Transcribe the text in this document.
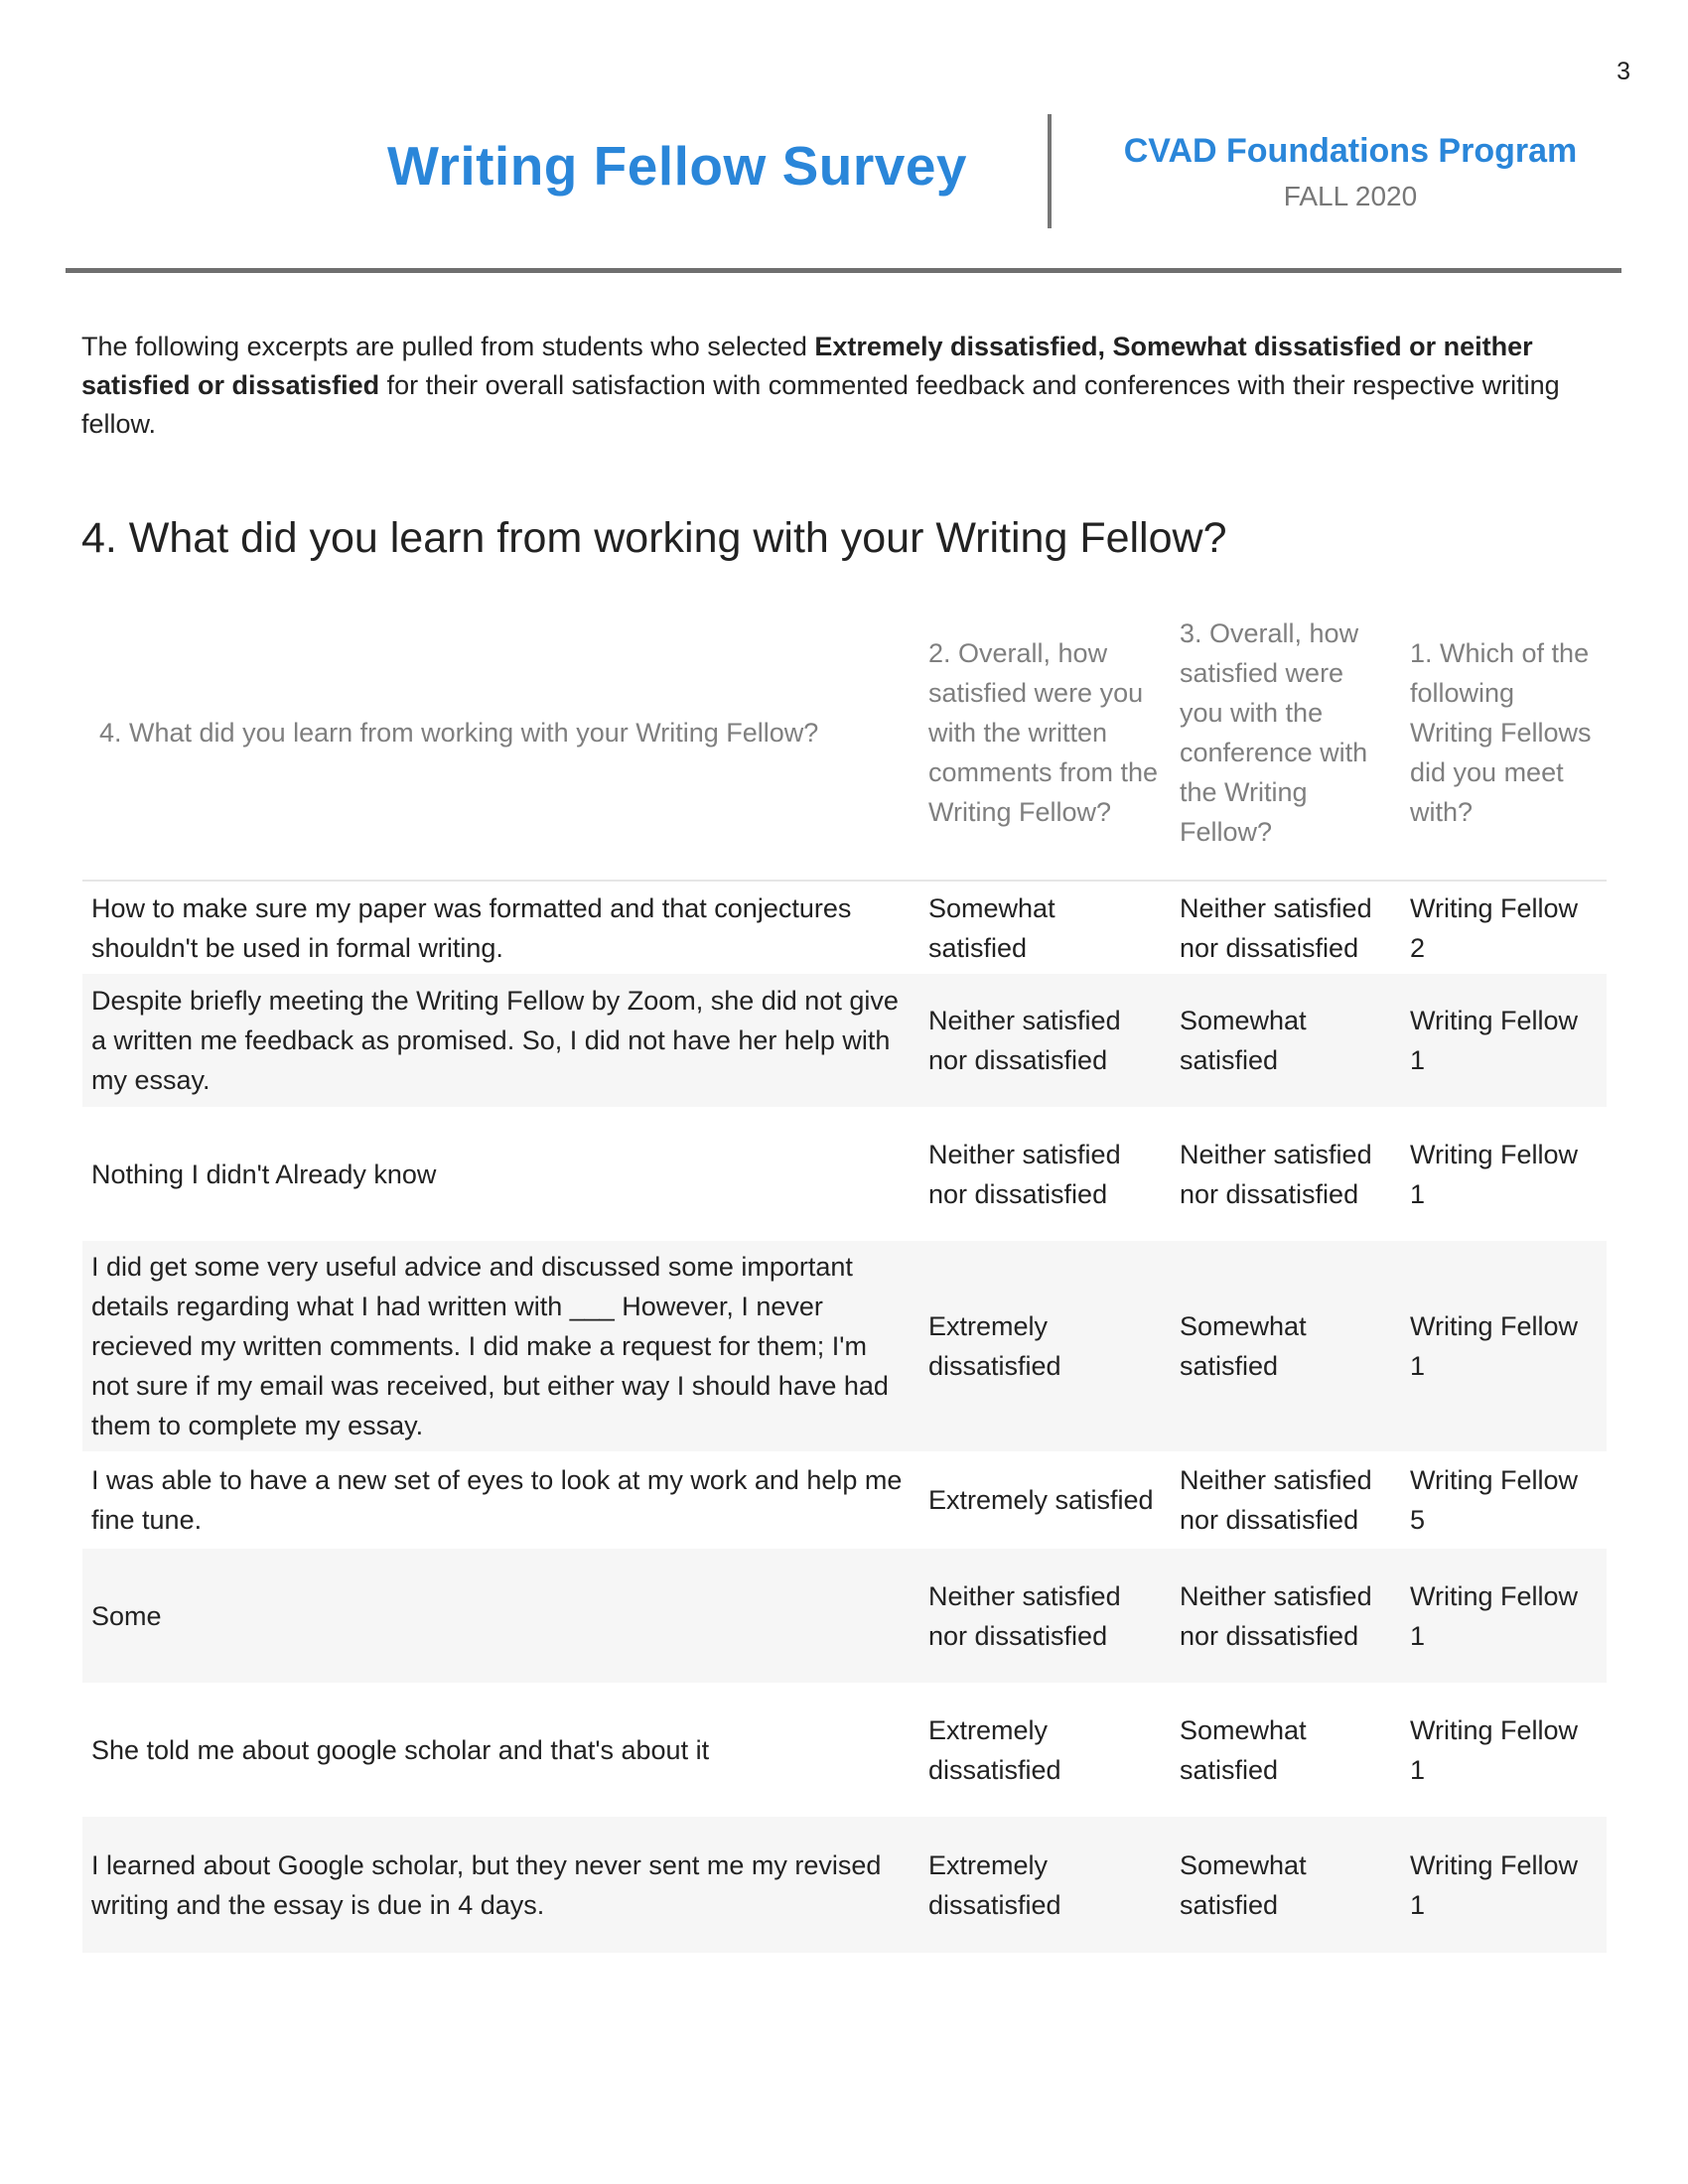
3
Writing Fellow Survey	CVAD Foundations Program
FALL 2020

The following excerpts are pulled from students who selected Extremely dissatisfied, Somewhat dissatisfied or neither satisfied or dissatisfied for their overall satisfaction with commented feedback and conferences with their respective writing fellow.

4. What did you learn from working with your Writing Fellow?
4. What did you learn from working with your Writing Fellow?	2. Overall, how satisfied were you with the written comments from the Writing Fellow?	3. Overall, how satisfied were you with the conference with the Writing Fellow?	1. Which of the following Writing Fellows did you meet with?
How to make sure my paper was formatted and that conjectures shouldn't be used in formal writing.	Somewhat satisfied	Neither satisfied nor dissatisfied	Writing Fellow 2
Despite briefly meeting the Writing Fellow by Zoom, she did not give a written me feedback as promised. So, I did not have her help with my essay.	Neither satisfied nor dissatisfied	Somewhat satisfied	Writing Fellow 1
Nothing I didn't Already know	Neither satisfied nor dissatisfied	Neither satisfied nor dissatisfied	Writing Fellow 1
I did get some very useful advice and discussed some important details regarding what I had written with ___ However, I never recieved my written comments. I did make a request for them; I'm not sure if my email was received, but either way I should have had them to complete my essay.	Extremely dissatisfied	Somewhat satisfied	Writing Fellow 1
I was able to have a new set of eyes to look at my work and help me fine tune.	Extremely satisfied	Neither satisfied nor dissatisfied	Writing Fellow 5
Some	Neither satisfied nor dissatisfied	Neither satisfied nor dissatisfied	Writing Fellow 1
She told me about google scholar and that's about it	Extremely dissatisfied	Somewhat satisfied	Writing Fellow 1
I learned about Google scholar, but they never sent me my revised writing and the essay is due in 4 days.	Extremely dissatisfied	Somewhat satisfied	Writing Fellow 1
